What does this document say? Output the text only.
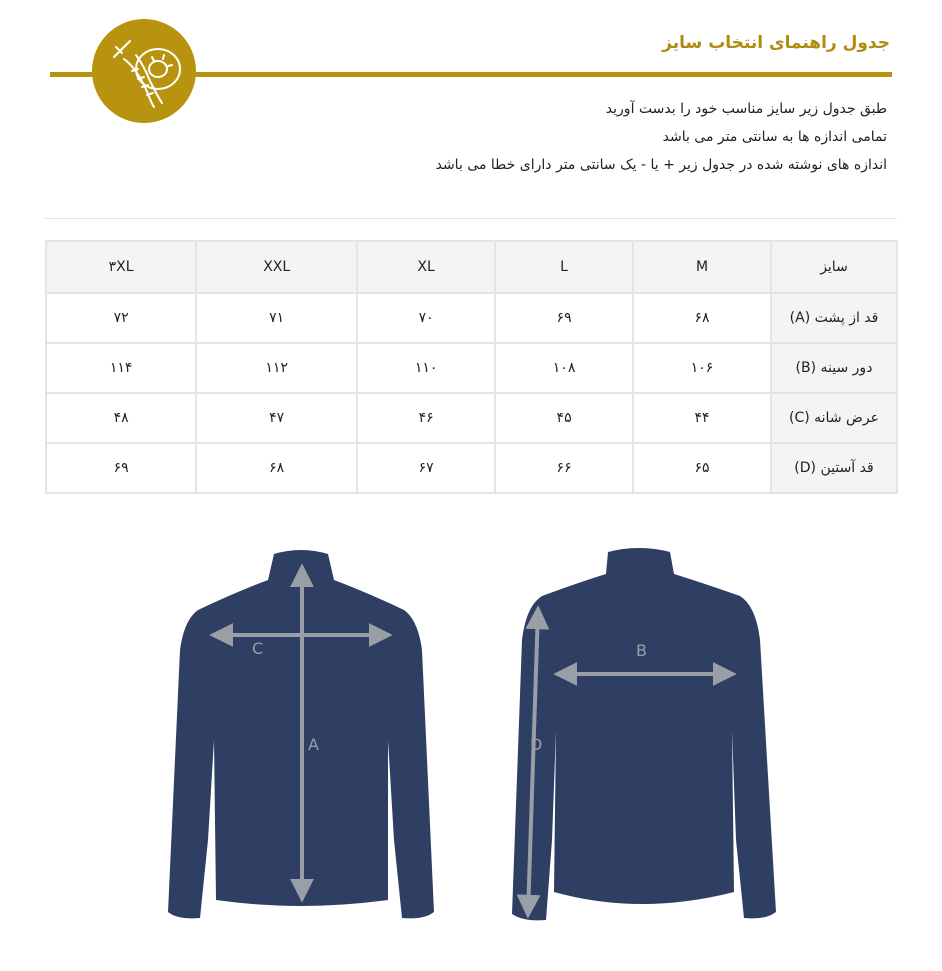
جدول راهنمای انتخاب سایز
طبق جدول زیر سایز مناسب خود را بدست آورید
تمامی اندازه ها به سانتی متر می باشد
اندازه های نوشته شده در جدول زیر + یا - یک سانتی متر دارای خطا می باشد
سایز	M	L	XL	XXL	۳XL
قد از پشت (A)	۶۸	۶۹	۷۰	۷۱	۷۲
دور سینه (B)	۱۰۶	۱۰۸	۱۱۰	۱۱۲	۱۱۴
عرض شانه (C)	۴۴	۴۵	۴۶	۴۷	۴۸
قد آستین (D)	۶۵	۶۶	۶۷	۶۸	۶۹
C
A
B
D
